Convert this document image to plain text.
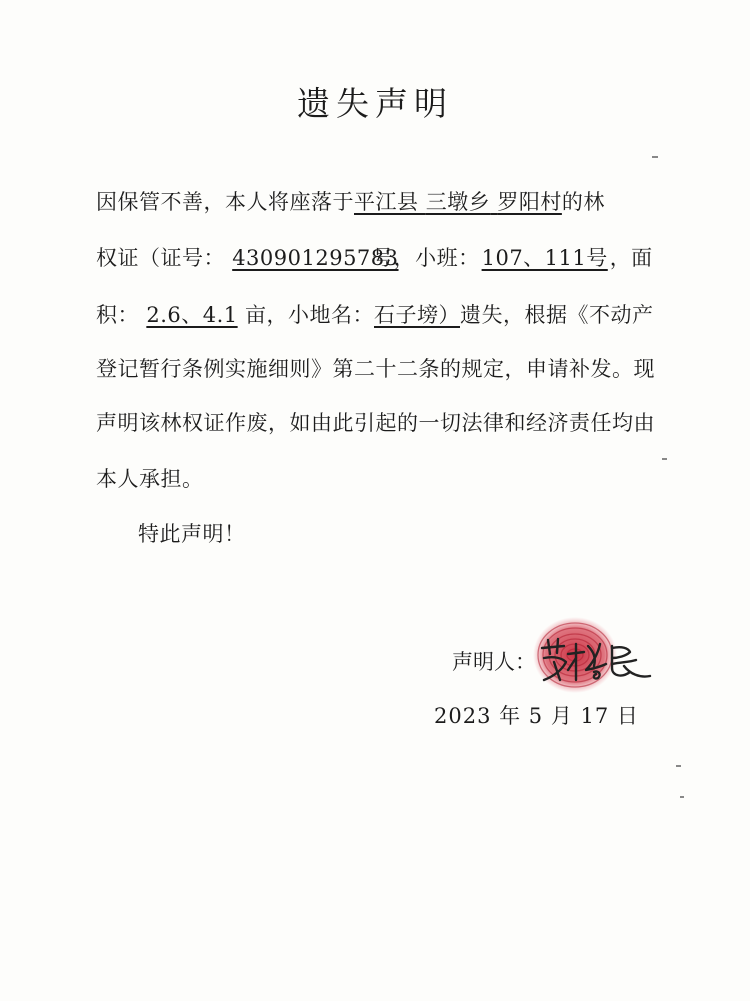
遗失声明
因保管不善，本人将座落于平江县 三墩乡 罗阳村的林
权证（证号： 430901295783号，小班：107、111号，面
积： 2.6、4.1 亩，小地名：石子塝）遗失，根据《不动产
登记暂行条例实施细则》第二十二条的规定，申请补发。现
声明该林权证作废，如由此引起的一切法律和经济责任均由
本人承担。
特此声明！
声明人：
2023 年 5 月 17 日
